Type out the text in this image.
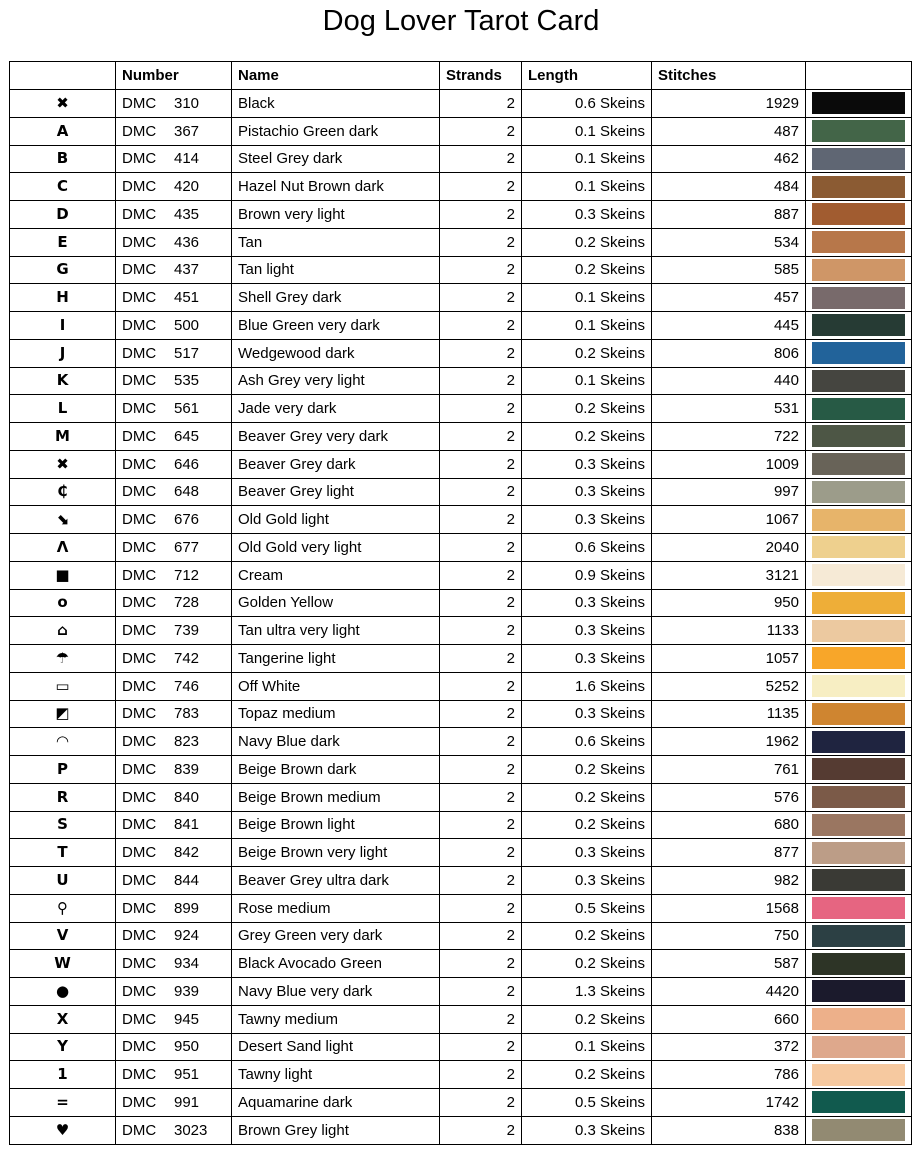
Dog Lover Tarot Card
	Number	Name	Strands	Length	Stitches	
✖	DMC 310	Black	2	0.6 Skeins	1929	

A	DMC 367	Pistachio Green dark	2	0.1 Skeins	487	

B	DMC 414	Steel Grey dark	2	0.1 Skeins	462	

C	DMC 420	Hazel Nut Brown dark	2	0.1 Skeins	484	

D	DMC 435	Brown very light	2	0.3 Skeins	887	

E	DMC 436	Tan	2	0.2 Skeins	534	

G	DMC 437	Tan light	2	0.2 Skeins	585	

H	DMC 451	Shell Grey dark	2	0.1 Skeins	457	

I	DMC 500	Blue Green very dark	2	0.1 Skeins	445	

J	DMC 517	Wedgewood dark	2	0.2 Skeins	806	

K	DMC 535	Ash Grey very light	2	0.1 Skeins	440	

L	DMC 561	Jade very dark	2	0.2 Skeins	531	

M	DMC 645	Beaver Grey very dark	2	0.2 Skeins	722	

✖	DMC 646	Beaver Grey dark	2	0.3 Skeins	1009	

₵	DMC 648	Beaver Grey light	2	0.3 Skeins	997	

⬊	DMC 676	Old Gold light	2	0.3 Skeins	1067	

Λ	DMC 677	Old Gold very light	2	0.6 Skeins	2040	

■	DMC 712	Cream	2	0.9 Skeins	3121	

o	DMC 728	Golden Yellow	2	0.3 Skeins	950	

⌂	DMC 739	Tan ultra very light	2	0.3 Skeins	1133	

☂	DMC 742	Tangerine light	2	0.3 Skeins	1057	

▭	DMC 746	Off White	2	1.6 Skeins	5252	

◩	DMC 783	Topaz medium	2	0.3 Skeins	1135	

◠	DMC 823	Navy Blue dark	2	0.6 Skeins	1962	

P	DMC 839	Beige Brown dark	2	0.2 Skeins	761	

R	DMC 840	Beige Brown medium	2	0.2 Skeins	576	

S	DMC 841	Beige Brown light	2	0.2 Skeins	680	

T	DMC 842	Beige Brown very light	2	0.3 Skeins	877	

U	DMC 844	Beaver Grey ultra dark	2	0.3 Skeins	982	

⚲	DMC 899	Rose medium	2	0.5 Skeins	1568	

V	DMC 924	Grey Green very dark	2	0.2 Skeins	750	

W	DMC 934	Black Avocado Green	2	0.2 Skeins	587	

●	DMC 939	Navy Blue very dark	2	1.3 Skeins	4420	

X	DMC 945	Tawny medium	2	0.2 Skeins	660	

Y	DMC 950	Desert Sand light	2	0.1 Skeins	372	

1	DMC 951	Tawny light	2	0.2 Skeins	786	

=	DMC 991	Aquamarine dark	2	0.5 Skeins	1742	

♥	DMC 3023	Brown Grey light	2	0.3 Skeins	838	
